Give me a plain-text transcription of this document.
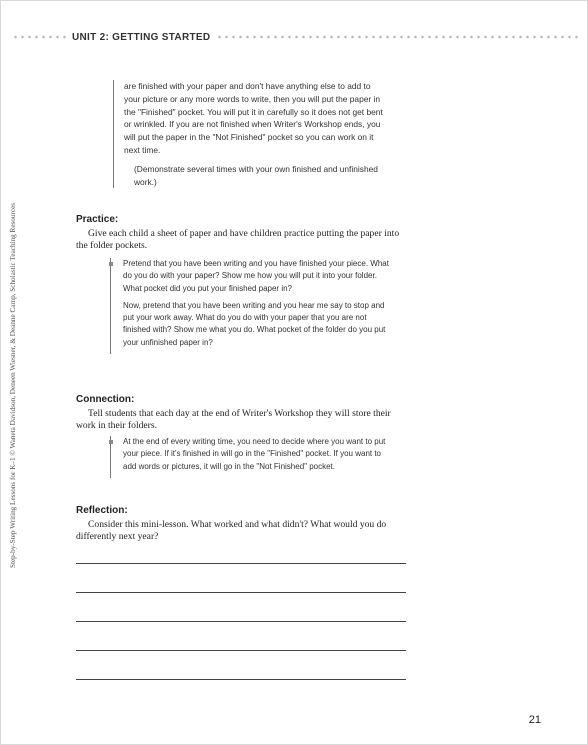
UNIT 2: GETTING STARTED
Step-by-Step Writing Lessons for K–1 © Waneta Davidson, Deneen Wiesner, & Deanne Camp, Scholastic Teaching Resources
are finished with your paper and don't have anything else to add to your picture or any more words to write, then you will put the paper in the "Finished" pocket. You will put it in carefully so it does not get bent or wrinkled. If you are not finished when Writer's Workshop ends, you will put the paper in the "Not Finished" pocket so you can work on it next time.
(Demonstrate several times with your own finished and unfinished work.)
Practice:
Give each child a sheet of paper and have children practice putting the paper into the folder pockets.

Pretend that you have been writing and you have finished your piece. What do you do with your paper? Show me how you will put it into your folder. What pocket did you put your finished paper in?

Now, pretend that you have been writing and you hear me say to stop and put your work away. What do you do with your paper that you are not finished with? Show me what you do. What pocket of the folder do you put your unfinished paper in?

Connection:
Tell students that each day at the end of Writer's Workshop they will store their work in their folders.

At the end of every writing time, you need to decide where you want to put your piece. If it's finished in will go in the "Finished" pocket. If you want to add words or pictures, it will go in the "Not Finished" pocket.

Reflection:
Consider this mini-lesson. What worked and what didn't? What would you do differently next year?
21
